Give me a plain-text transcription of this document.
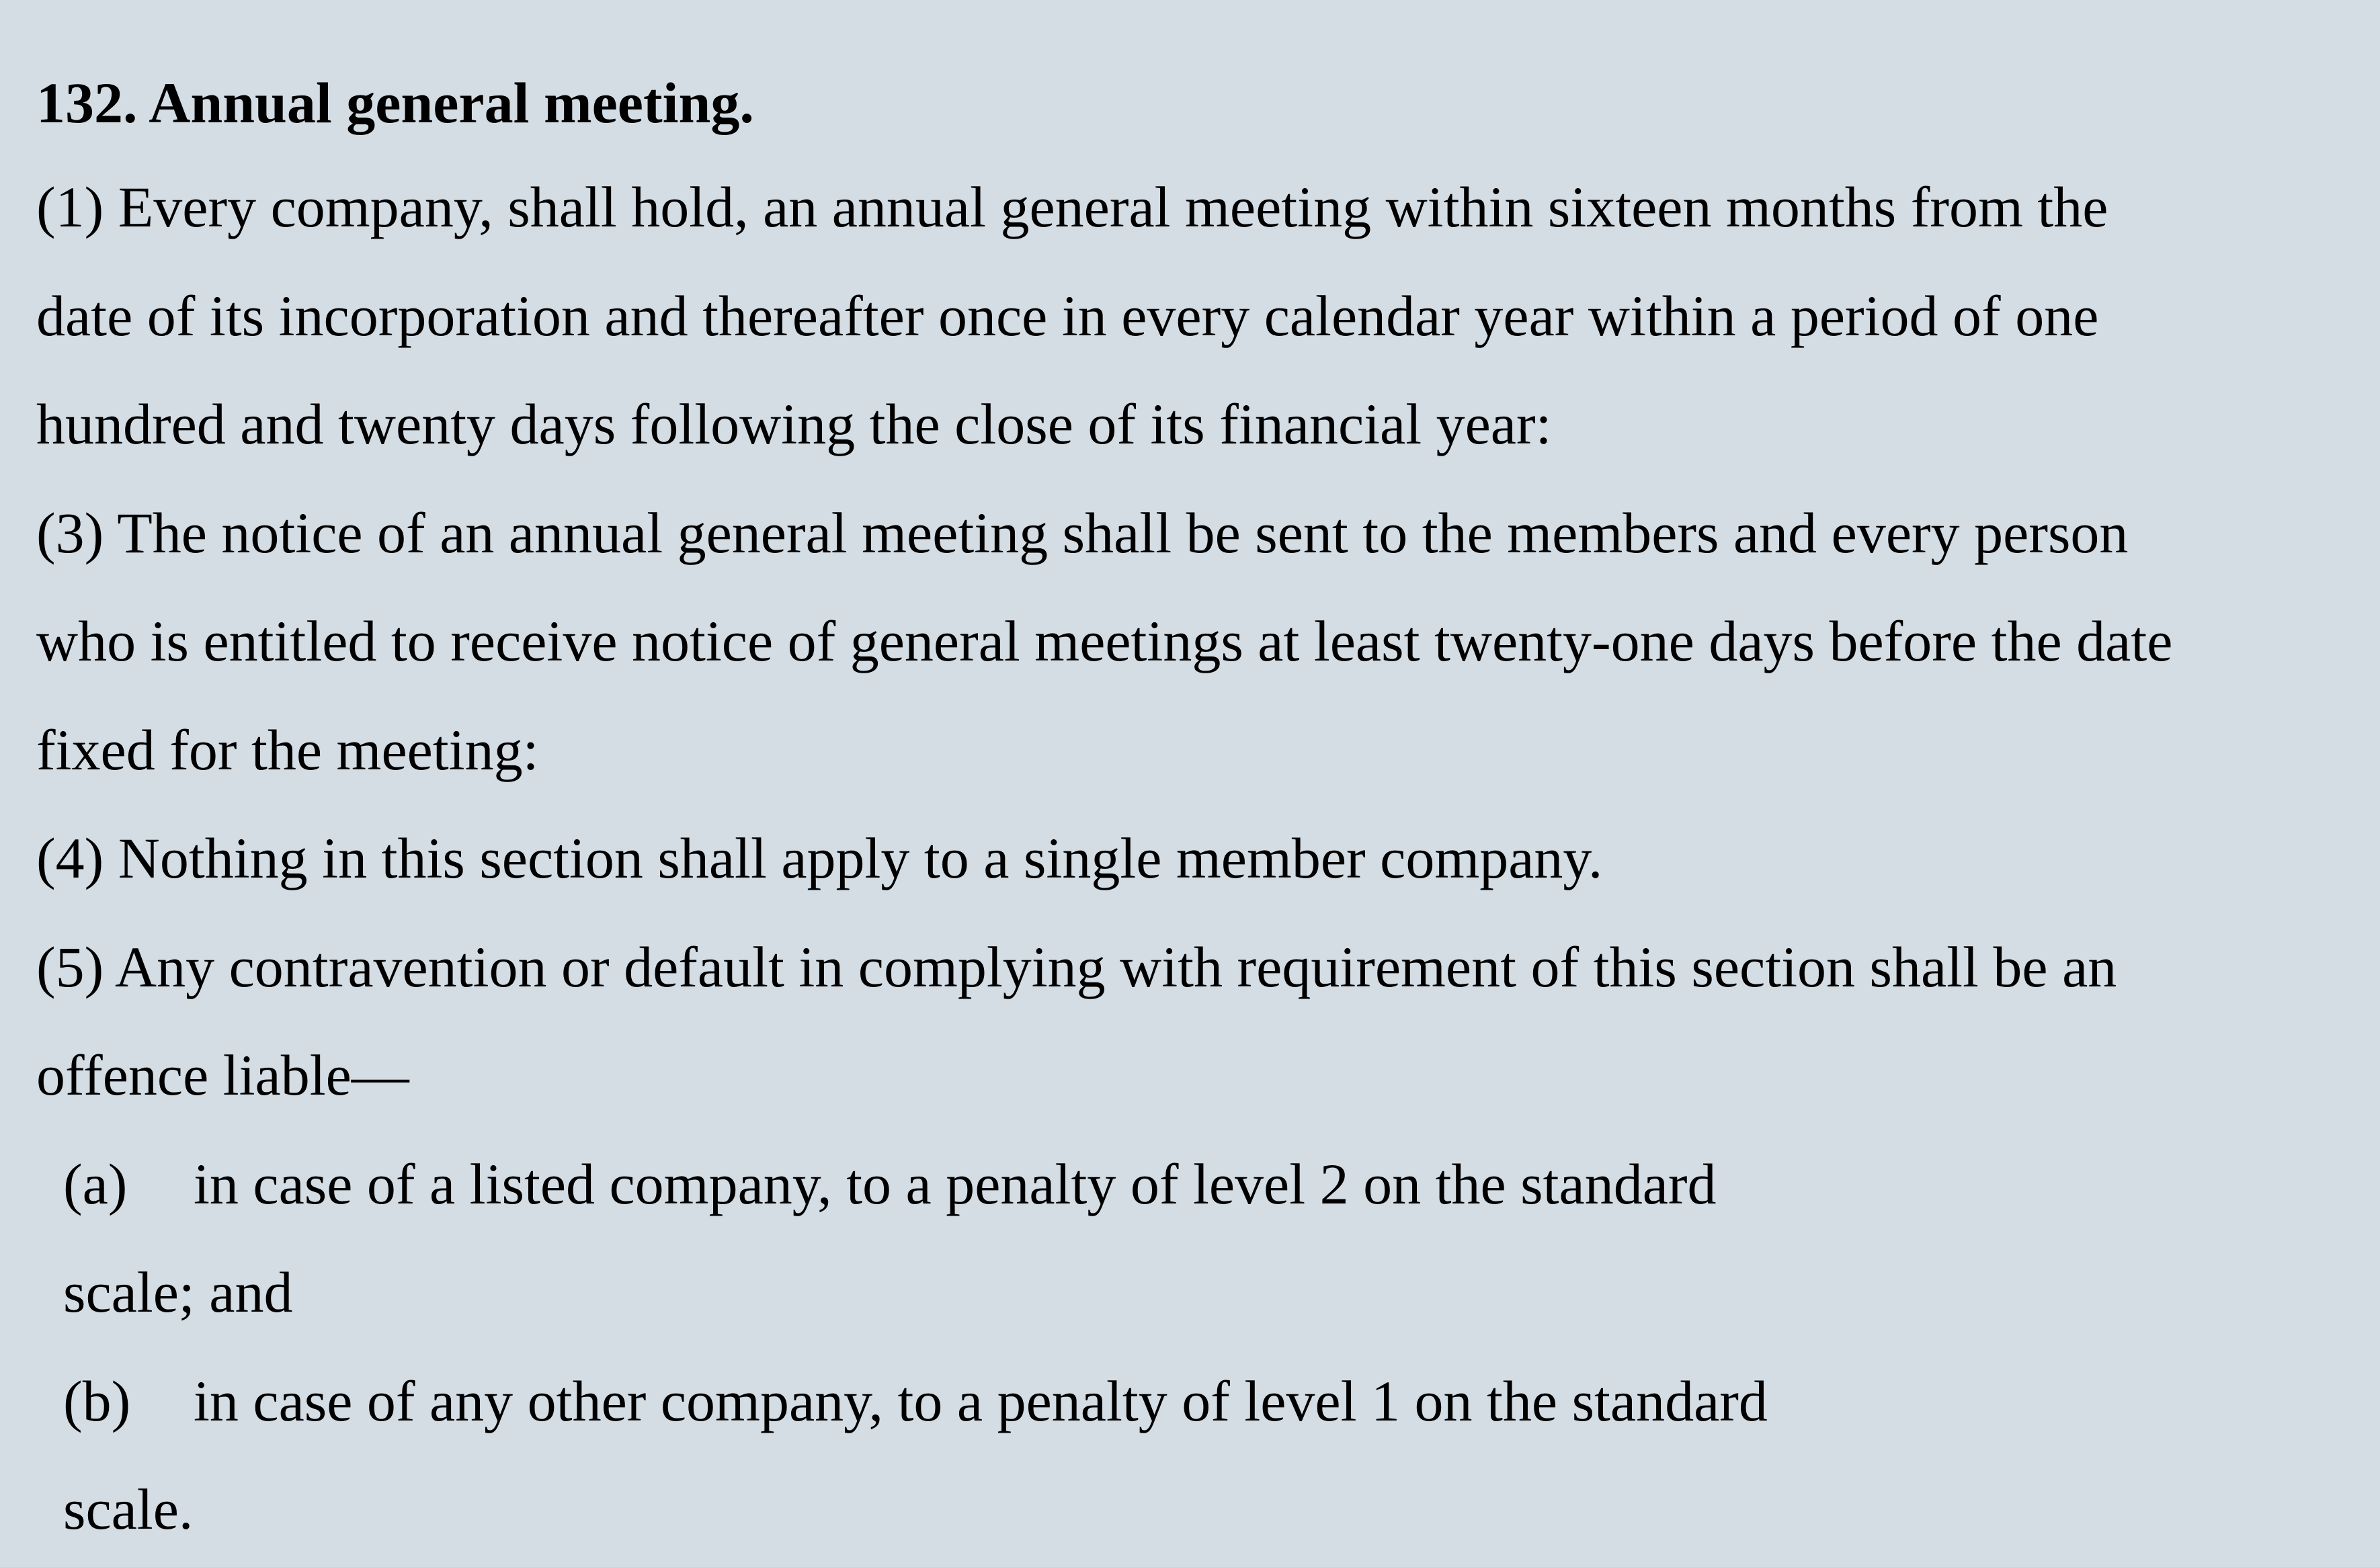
132. Annual general meeting.
(1) Every company, shall hold, an annual general meeting within sixteen months from the
date of its incorporation and thereafter once in every calendar year within a period of one
hundred and twenty days following the close of its financial year:
(3) The notice of an annual general meeting shall be sent to the members and every person
who is entitled to receive notice of general meetings at least twenty-one days before the date
fixed for the meeting:
(4) Nothing in this section shall apply to a single member company.
(5) Any contravention or default in complying with requirement of this section shall be an
offence liable—
(a) in case of a listed company, to a penalty of level 2 on the standard
scale; and
(b) in case of any other company, to a penalty of level 1 on the standard
scale.
